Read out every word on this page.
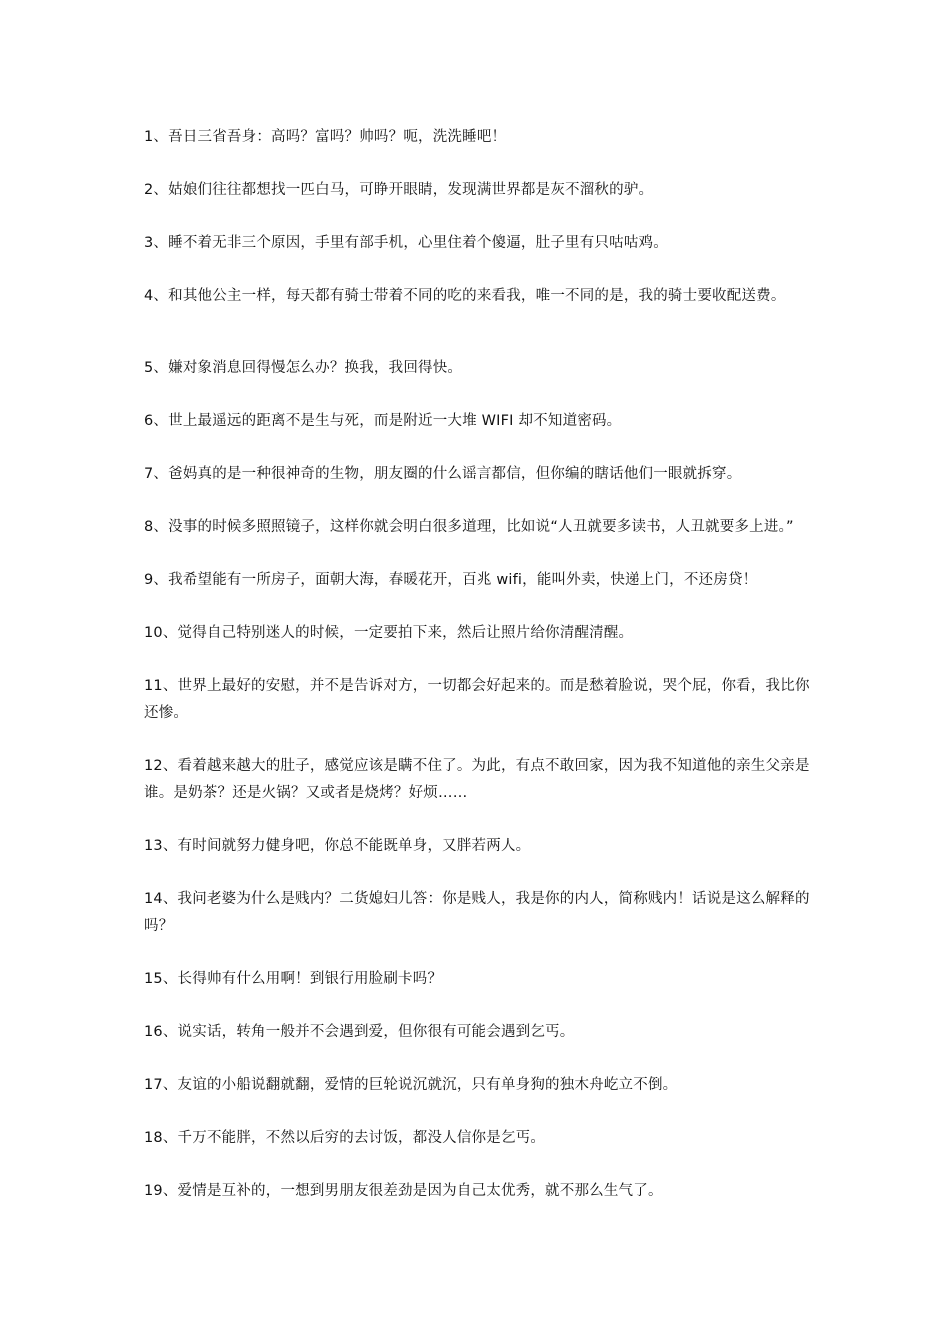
1、吾日三省吾身：高吗？富吗？帅吗？呃，洗洗睡吧！

2、姑娘们往往都想找一匹白马，可睁开眼睛，发现满世界都是灰不溜秋的驴。

3、睡不着无非三个原因，手里有部手机，心里住着个傻逼，肚子里有只咕咕鸡。

4、和其他公主一样，每天都有骑士带着不同的吃的来看我，唯一不同的是，我的骑士要收配送费。

5、嫌对象消息回得慢怎么办？换我，我回得快。

6、世上最遥远的距离不是生与死，而是附近一大堆 WIFI 却不知道密码。

7、爸妈真的是一种很神奇的生物，朋友圈的什么谣言都信，但你编的瞎话他们一眼就拆穿。

8、没事的时候多照照镜子，这样你就会明白很多道理，比如说“人丑就要多读书，人丑就要多上进。”

9、我希望能有一所房子，面朝大海，春暖花开，百兆 wifi，能叫外卖，快递上门，不还房贷！

10、觉得自己特别迷人的时候，一定要拍下来，然后让照片给你清醒清醒。

11、世界上最好的安慰，并不是告诉对方，一切都会好起来的。而是愁着脸说，哭个屁，你看，我比你还惨。

12、看着越来越大的肚子，感觉应该是瞒不住了。为此，有点不敢回家，因为我不知道他的亲生父亲是谁。是奶茶？还是火锅？又或者是烧烤？好烦……

13、有时间就努力健身吧，你总不能既单身，又胖若两人。

14、我问老婆为什么是贱内？二货媳妇儿答：你是贱人，我是你的内人，简称贱内！话说是这么解释的吗？

15、长得帅有什么用啊！到银行用脸刷卡吗？

16、说实话，转角一般并不会遇到爱，但你很有可能会遇到乞丐。

17、友谊的小船说翻就翻，爱情的巨轮说沉就沉，只有单身狗的独木舟屹立不倒。

18、千万不能胖，不然以后穷的去讨饭，都没人信你是乞丐。

19、爱情是互补的，一想到男朋友很差劲是因为自己太优秀，就不那么生气了。
